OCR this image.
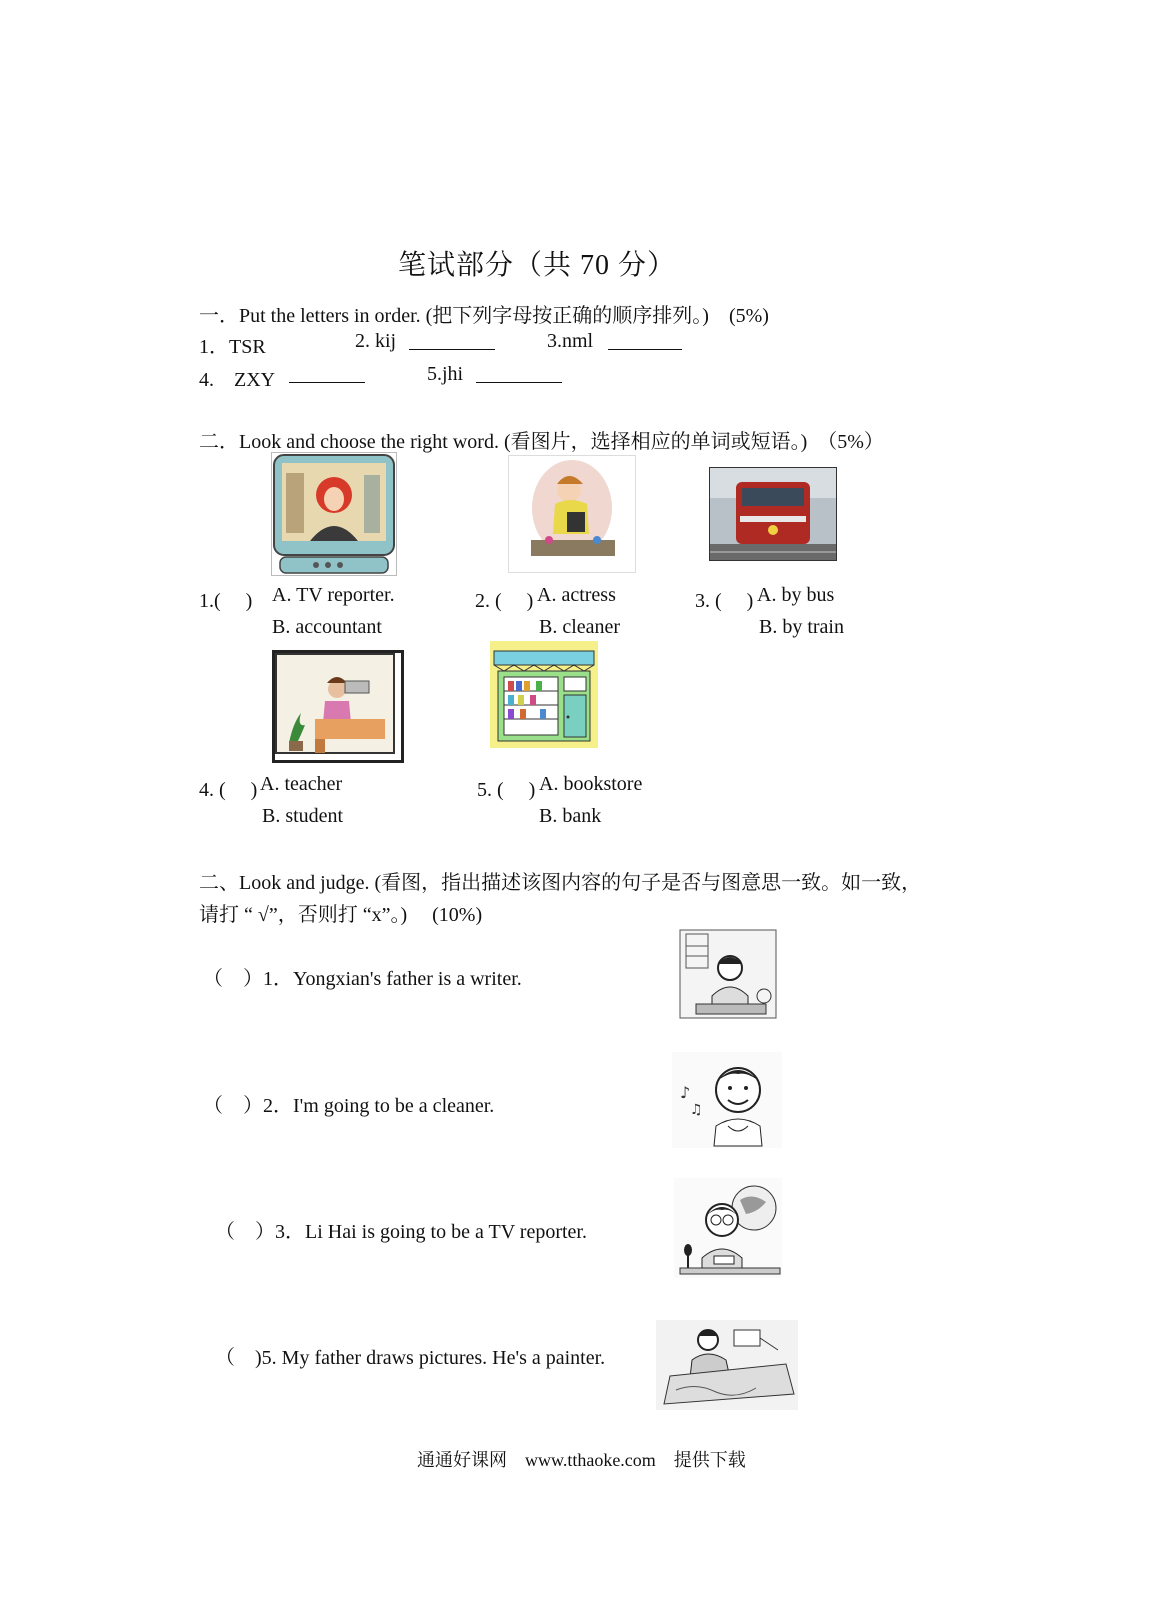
笔试部分（共 70 分）
一．Put the letters in order. (把下列字母按正确的顺序排列。)　(5%)
1．TSR	2. kij	3.nml
4.　ZXY	5.jhi
二．Look and choose the right word. (看图片，选择相应的单词或短语。)　（5%）
1.(　 ) A. TV reporter.
B. accountant
2. (　 ) A. actress
B. cleaner
3. (　 ) A. by bus
B. by train
4. (　 ) A. teacher
B. student
5. (　 ) A. bookstore
B. bank
二、Look and judge. (看图，指出描述该图内容的句子是否与图意思一致。如一致，
请打 “ √”，否则打 “x”。)　 (10%)
（　）1．Yongxian's father is a writer.
（　）2．I'm going to be a cleaner.
♪
♫
（　）3．Li Hai is going to be a TV reporter.
（　)5. My father draws pictures. He's a painter.
通通好课网　www.tthaoke.com　提供下载
